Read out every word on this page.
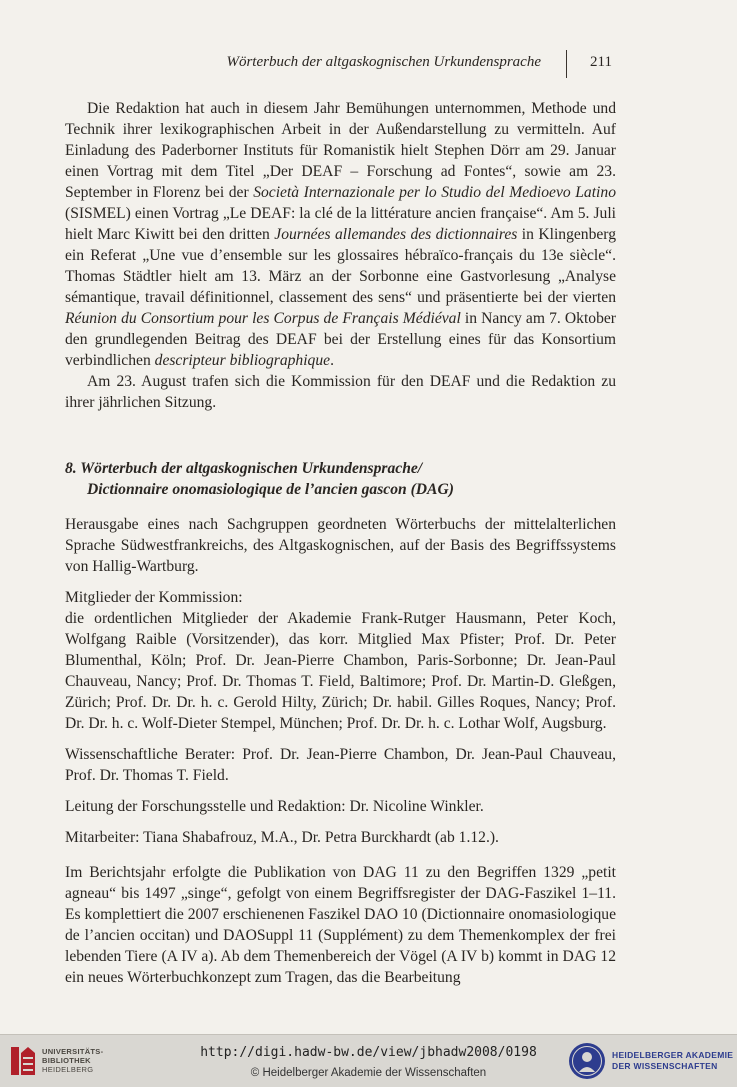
Wörterbuch der altgaskognischen Urkundensprache	211

Die Redaktion hat auch in diesem Jahr Bemühungen unternommen, Methode und Technik ihrer lexikographischen Arbeit in der Außendarstellung zu vermitteln. Auf Einladung des Paderborner Instituts für Romanistik hielt Stephen Dörr am 29. Januar einen Vortrag mit dem Titel „Der DEAF – Forschung ad Fontes“, sowie am 23. September in Florenz bei der Società Internazionale per lo Studio del Medioevo Latino (SISMEL) einen Vortrag „Le DEAF: la clé de la littérature ancien française“. Am 5. Juli hielt Marc Kiwitt bei den dritten Journées allemandes des dictionnaires in Klingenberg ein Referat „Une vue d’ensemble sur les glossaires hébraïco-français du 13e siècle“. Thomas Städtler hielt am 13. März an der Sorbonne eine Gastvorlesung „Analyse sémantique, travail définitionnel, classement des sens“ und präsentierte bei der vierten Réunion du Consortium pour les Corpus de Français Médiéval in Nancy am 7. Oktober den grundlegenden Beitrag des DEAF bei der Erstellung eines für das Konsortium verbindlichen descripteur bibliographique.

Am 23. August trafen sich die Kommission für den DEAF und die Redaktion zu ihrer jährlichen Sitzung.

8. Wörterbuch der altgaskognischen Urkundensprache/
Dictionnaire onomasiologique de l’ancien gascon (DAG)

Herausgabe eines nach Sachgruppen geordneten Wörterbuchs der mittelalterlichen Sprache Südwestfrankreichs, des Altgaskognischen, auf der Basis des Begriffssystems von Hallig-Wartburg.

Mitglieder der Kommission:

die ordentlichen Mitglieder der Akademie Frank-Rutger Hausmann, Peter Koch, Wolfgang Raible (Vorsitzender), das korr. Mitglied Max Pfister; Prof. Dr. Peter Blumenthal, Köln; Prof. Dr. Jean-Pierre Chambon, Paris-Sorbonne; Dr. Jean-Paul Chauveau, Nancy; Prof. Dr. Thomas T. Field, Baltimore; Prof. Dr. Martin-D. Gleßgen, Zürich; Prof. Dr. Dr. h. c. Gerold Hilty, Zürich; Dr. habil. Gilles Roques, Nancy; Prof. Dr. Dr. h. c. Wolf-Dieter Stempel, München; Prof. Dr. Dr. h. c. Lothar Wolf, Augsburg.

Wissenschaftliche Berater: Prof. Dr. Jean-Pierre Chambon, Dr. Jean-Paul Chauveau, Prof. Dr. Thomas T. Field.

Leitung der Forschungsstelle und Redaktion: Dr. Nicoline Winkler.

Mitarbeiter: Tiana Shabafrouz, M.A., Dr. Petra Burckhardt (ab 1.12.).

Im Berichtsjahr erfolgte die Publikation von DAG 11 zu den Begriffen 1329 „petit agneau“ bis 1497 „singe“, gefolgt von einem Begriffsregister der DAG-Faszikel 1–11. Es komplettiert die 2007 erschienenen Faszikel DAO 10 (Dictionnaire onomasiologique de l’ancien occitan) und DAOSuppl 11 (Supplément) zu dem Themenkomplex der frei lebenden Tiere (A IV a). Ab dem Themenbereich der Vögel (A IV b) kommt in DAG 12 ein neues Wörterbuchkonzept zum Tragen, das die Bearbeitung

UNIVERSITÄTS-
BIBLIOTHEK
HEIDELBERG
http://digi.hadw-bw.de/view/jbhadw2008/0198
© Heidelberger Akademie der Wissenschaften
HEIDELBERGER AKADEMIE
DER WISSENSCHAFTEN
